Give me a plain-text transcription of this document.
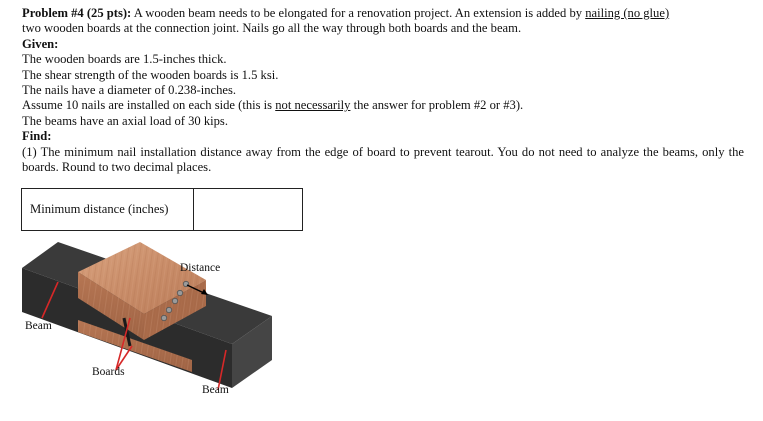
Problem #4 (25 pts): A wooden beam needs to be elongated for a renovation project. An extension is added by nailing (no glue)
two wooden boards at the connection joint. Nails go all the way through both boards and the beam.

Given:

The wooden boards are 1.5-inches thick.

The shear strength of the wooden boards is 1.5 ksi.

The nails have a diameter of 0.238-inches.

Assume 10 nails are installed on each side (this is not necessarily the answer for problem #2 or #3).

The beams have an axial load of 30 kips.

Find:

(1) The minimum nail installation distance away from the edge of board to prevent tearout. You do not need to analyze the beams, only the boards. Round to two decimal places.

Minimum distance (inches)
Distance
Beam
Boards
Beam
